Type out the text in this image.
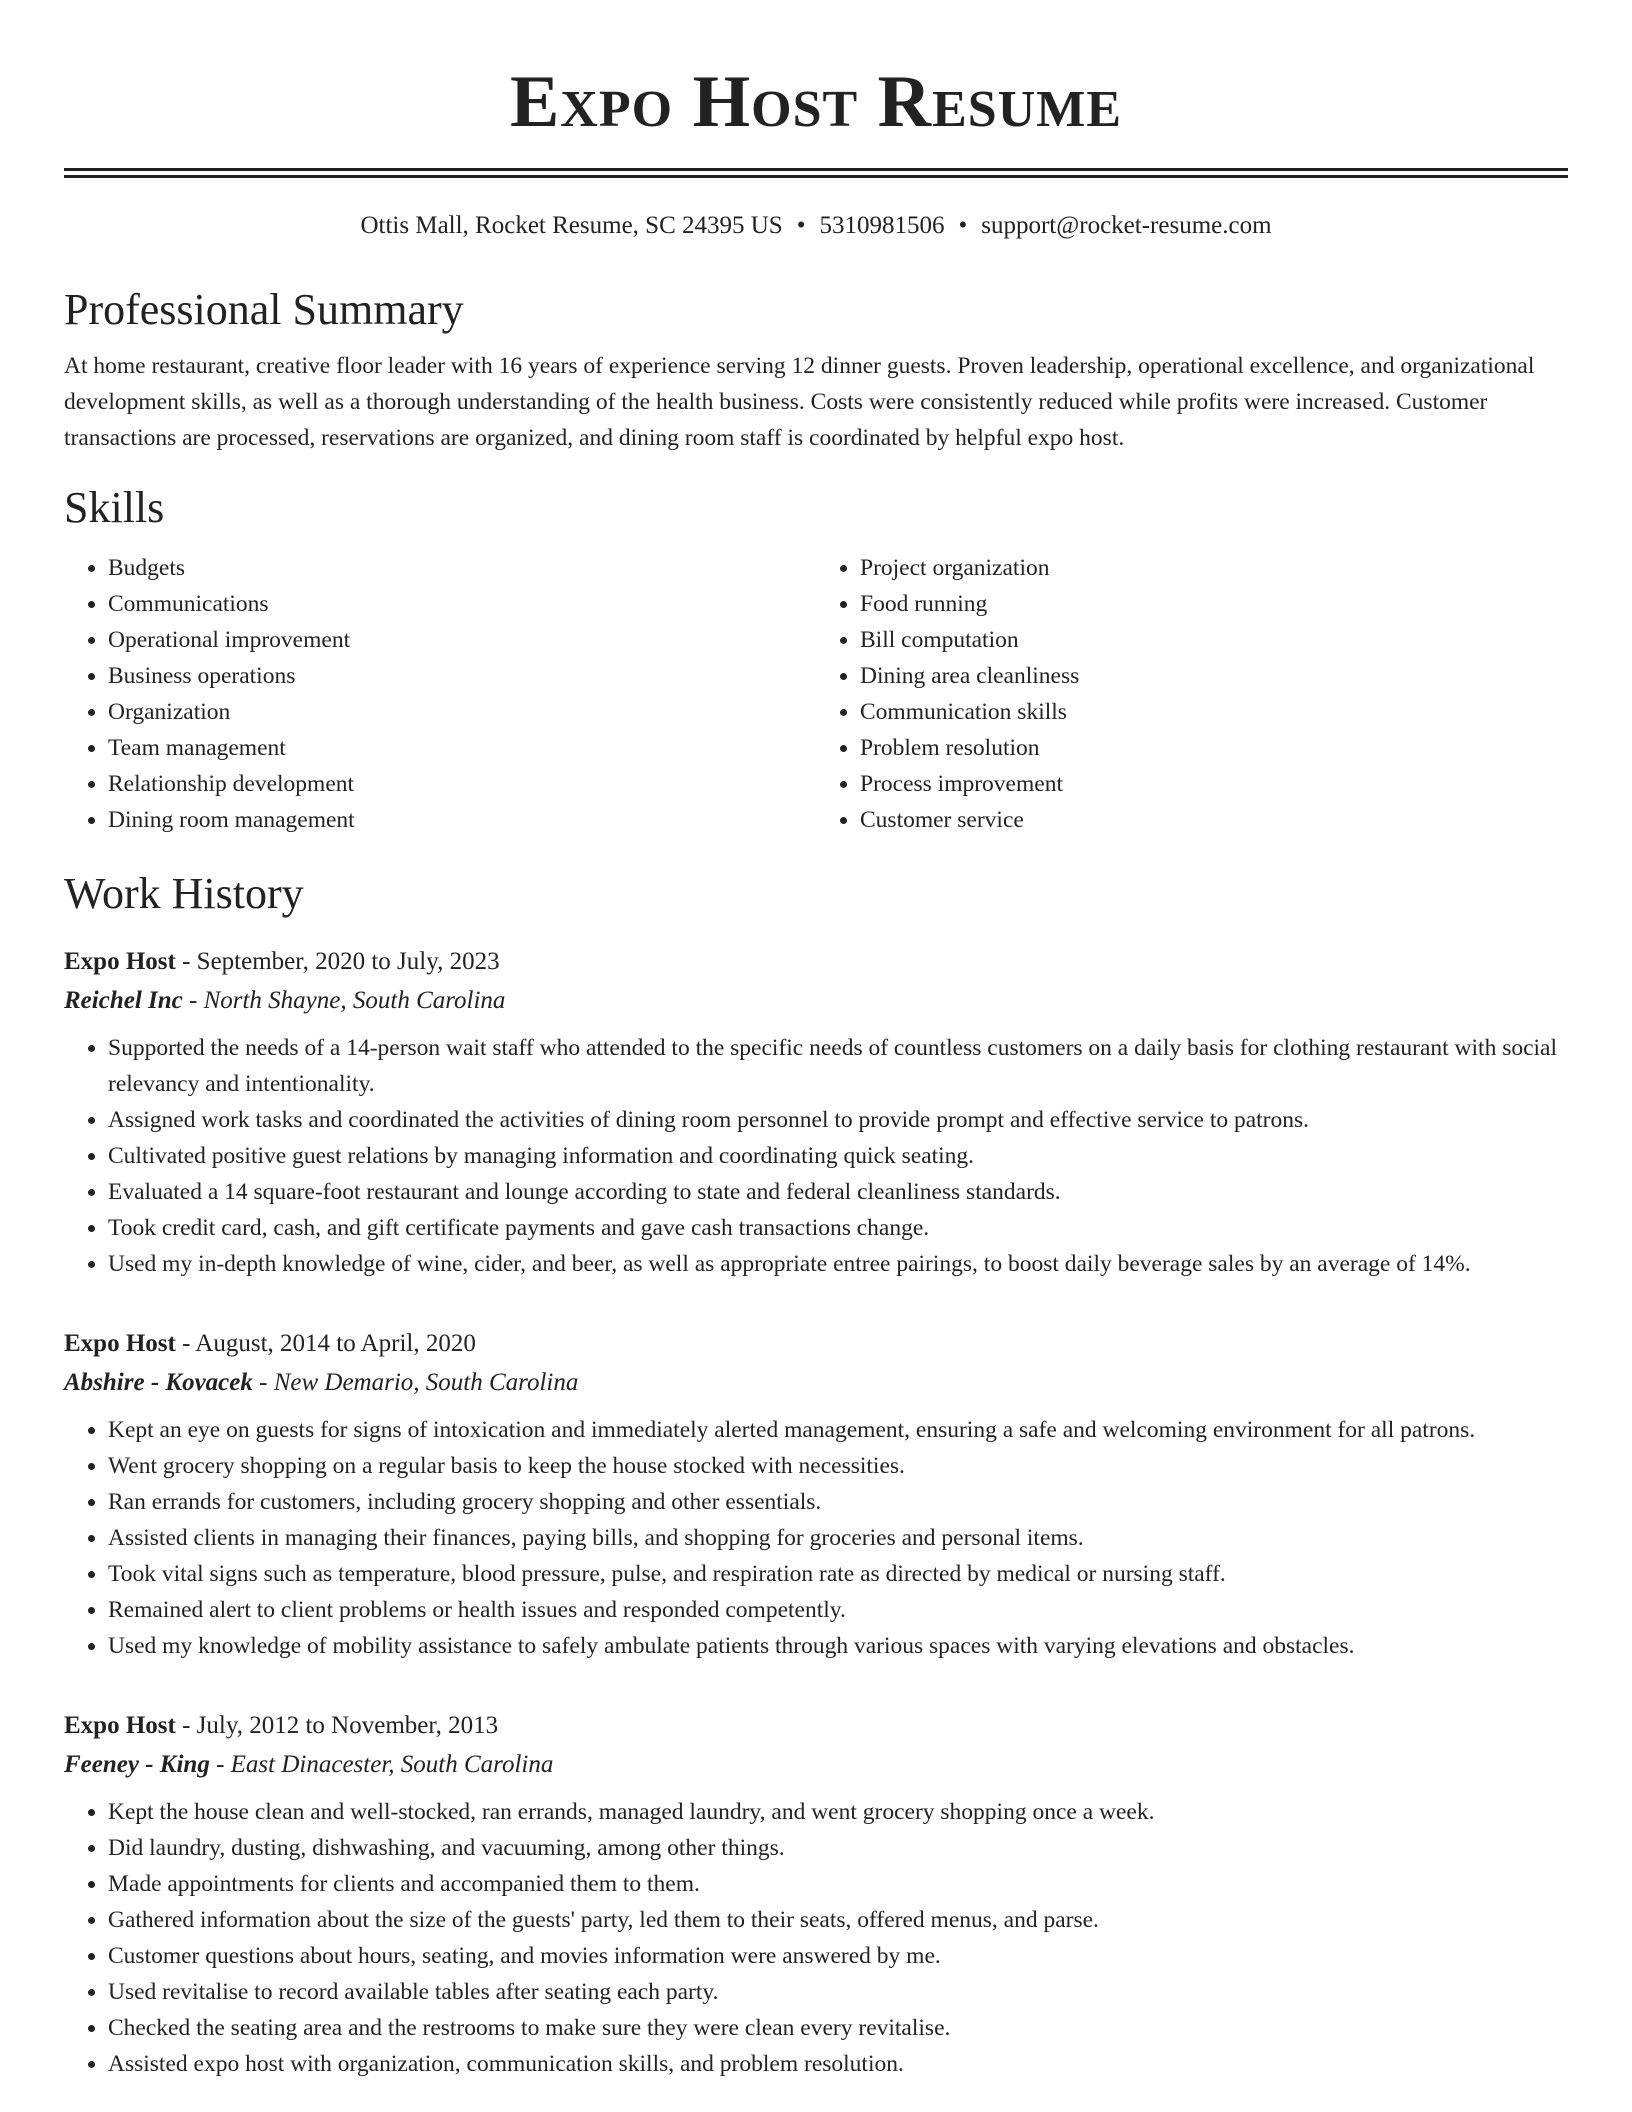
Expo Host Resume
Ottis Mall, Rocket Resume, SC 24395 US • 5310981506 • support@rocket-resume.com
Professional Summary

At home restaurant, creative floor leader with 16 years of experience serving 12 dinner guests. Proven leadership, operational excellence, and organizational development skills, as well as a thorough understanding of the health business. Costs were consistently reduced while profits were increased. Customer transactions are processed, reservations are organized, and dining room staff is coordinated by helpful expo host.

Skills
• Budgets
• Communications
• Operational improvement
• Business operations
• Organization
• Team management
• Relationship development
• Dining room management
• Project organization
• Food running
• Bill computation
• Dining area cleanliness
• Communication skills
• Problem resolution
• Process improvement
• Customer service
Work History
Expo Host - September, 2020 to July, 2023
Reichel Inc - North Shayne, South Carolina
• Supported the needs of a 14-person wait staff who attended to the specific needs of countless customers on a daily basis for clothing restaurant with social relevancy and intentionality.
• Assigned work tasks and coordinated the activities of dining room personnel to provide prompt and effective service to patrons.
• Cultivated positive guest relations by managing information and coordinating quick seating.
• Evaluated a 14 square-foot restaurant and lounge according to state and federal cleanliness standards.
• Took credit card, cash, and gift certificate payments and gave cash transactions change.
• Used my in-depth knowledge of wine, cider, and beer, as well as appropriate entree pairings, to boost daily beverage sales by an average of 14%.
Expo Host - August, 2014 to April, 2020
Abshire - Kovacek - New Demario, South Carolina
• Kept an eye on guests for signs of intoxication and immediately alerted management, ensuring a safe and welcoming environment for all patrons.
• Went grocery shopping on a regular basis to keep the house stocked with necessities.
• Ran errands for customers, including grocery shopping and other essentials.
• Assisted clients in managing their finances, paying bills, and shopping for groceries and personal items.
• Took vital signs such as temperature, blood pressure, pulse, and respiration rate as directed by medical or nursing staff.
• Remained alert to client problems or health issues and responded competently.
• Used my knowledge of mobility assistance to safely ambulate patients through various spaces with varying elevations and obstacles.
Expo Host - July, 2012 to November, 2013
Feeney - King - East Dinacester, South Carolina
• Kept the house clean and well-stocked, ran errands, managed laundry, and went grocery shopping once a week.
• Did laundry, dusting, dishwashing, and vacuuming, among other things.
• Made appointments for clients and accompanied them to them.
• Gathered information about the size of the guests' party, led them to their seats, offered menus, and parse.
• Customer questions about hours, seating, and movies information were answered by me.
• Used revitalise to record available tables after seating each party.
• Checked the seating area and the restrooms to make sure they were clean every revitalise.
• Assisted expo host with organization, communication skills, and problem resolution.
